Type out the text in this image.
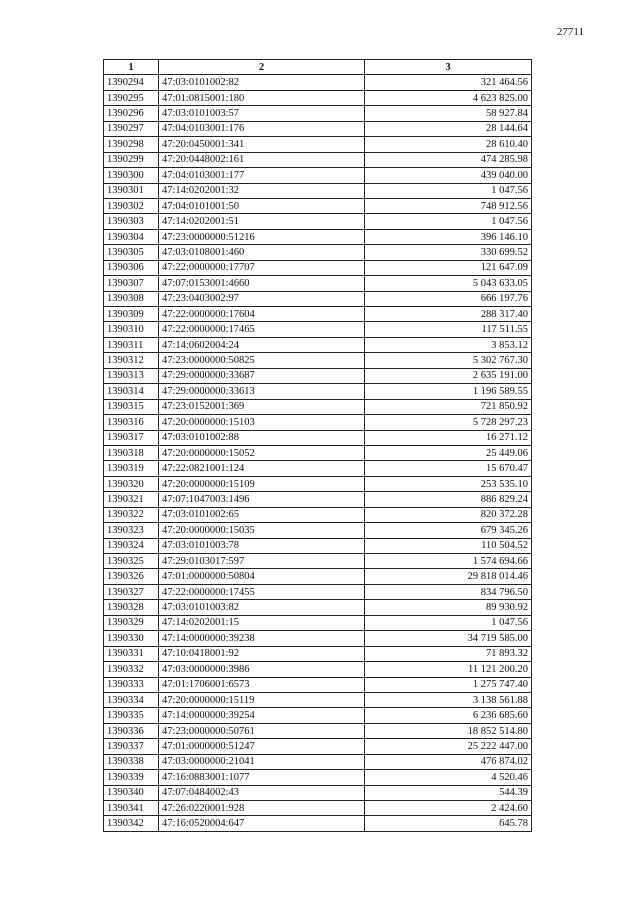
27711
1	2	3
1390294	47:03:0101002:82	321 464.56
1390295	47:01:0815001:180	4 623 825.00
1390296	47:03:0101003:57	58 927.84
1390297	47:04:0103001:176	28 144.64
1390298	47:20:0450001:341	28 610.40
1390299	47:20:0448002:161	474 285.98
1390300	47:04:0103001:177	439 040.00
1390301	47:14:0202001:32	1 047.56
1390302	47:04:0101001:50	748 912.56
1390303	47:14:0202001:51	1 047.56
1390304	47:23:0000000:51216	396 146.10
1390305	47:03:0108001:460	330 699.52
1390306	47:22:0000000:17707	121 647.09
1390307	47:07:0153001:4660	5 043 633.05
1390308	47:23:0403002:97	666 197.76
1390309	47:22:0000000:17604	288 317.40
1390310	47:22:0000000:17465	117 511.55
1390311	47:14:0602004:24	3 853.12
1390312	47:23:0000000:50825	5 302 767.30
1390313	47:29:0000000:33687	2 635 191.00
1390314	47:29:0000000:33613	1 196 589.55
1390315	47:23:0152001:369	721 850.92
1390316	47:20:0000000:15103	5 728 297.23
1390317	47:03:0101002:88	16 271.12
1390318	47:20:0000000:15052	25 449.06
1390319	47:22:0821001:124	15 670.47
1390320	47:20:0000000:15109	253 535.10
1390321	47:07:1047003:1496	886 829.24
1390322	47:03:0101002:65	820 372.28
1390323	47:20:0000000:15035	679 345.26
1390324	47:03:0101003:78	110 504.52
1390325	47:29:0103017:597	1 574 694.66
1390326	47:01:0000000:50804	29 818 014.46
1390327	47:22:0000000:17455	834 796.50
1390328	47:03:0101003:82	89 930.92
1390329	47:14:0202001:15	1 047.56
1390330	47:14:0000000:39238	34 719 585.00
1390331	47:10:0418001:92	71 893.32
1390332	47:03:0000000:3986	11 121 200.20
1390333	47:01:1706001:6573	1 275 747.40
1390334	47:20:0000000:15119	3 138 561.88
1390335	47:14:0000000:39254	6 236 685.60
1390336	47:23:0000000:50761	18 852 514.80
1390337	47:01:0000000:51247	25 222 447.00
1390338	47:03:0000000:21041	476 874.02
1390339	47:16:0883001:1077	4 520.46
1390340	47:07:0484002:43	544.39
1390341	47:26:0220001:928	2 424.60
1390342	47:16:0520004:647	645.78
